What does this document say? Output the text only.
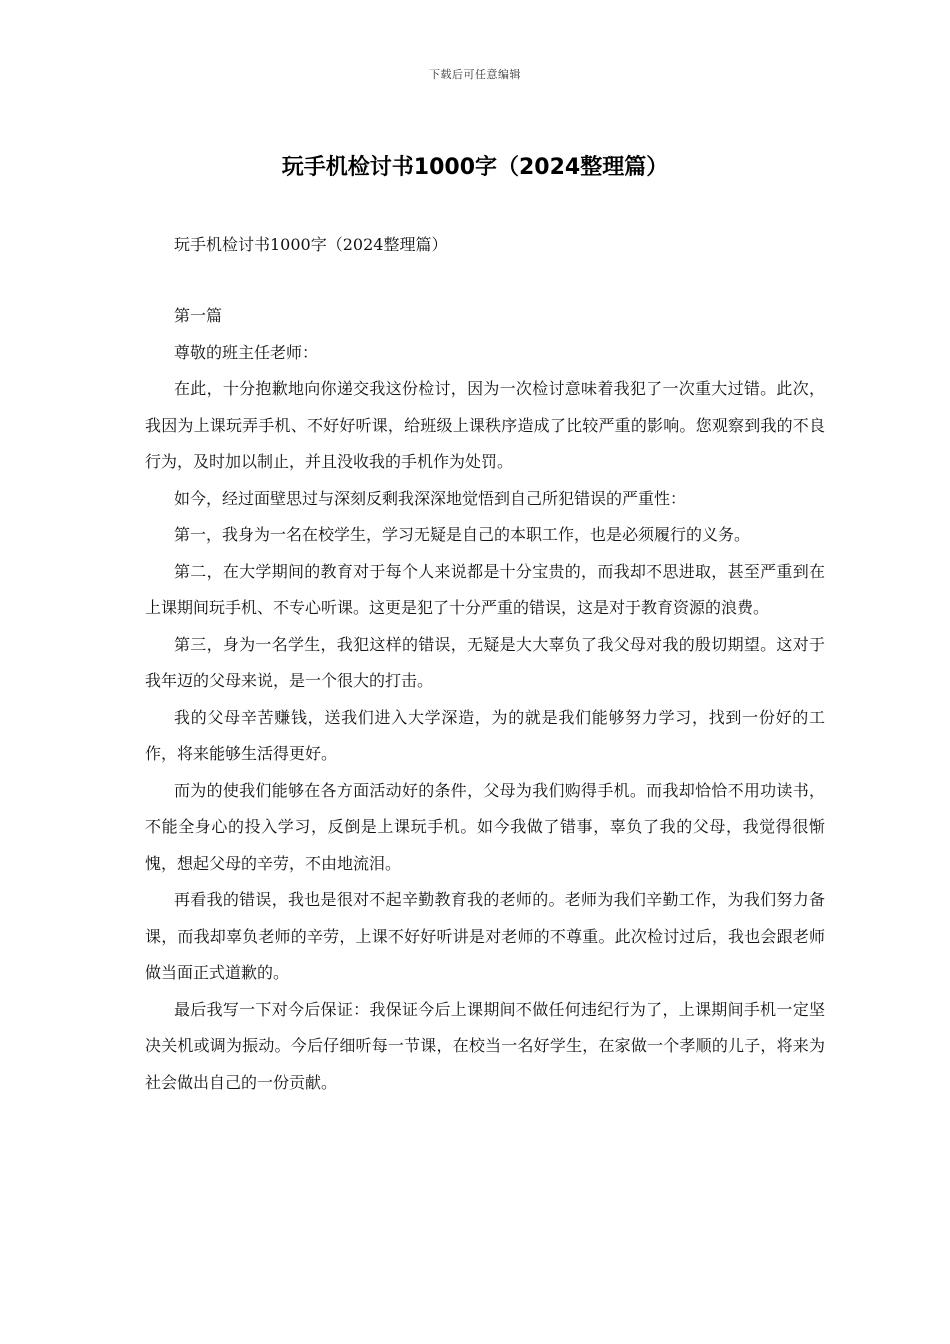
下载后可任意编辑
玩手机检讨书1000字（2024整理篇）

玩手机检讨书1000字（2024整理篇）

第一篇

尊敬的班主任老师：

在此，十分抱歉地向你递交我这份检讨，因为一次检讨意味着我犯了一次重大过错。此次，我因为上课玩弄手机、不好好听课，给班级上课秩序造成了比较严重的影响。您观察到我的不良行为，及时加以制止，并且没收我的手机作为处罚。

如今，经过面壁思过与深刻反剩我深深地觉悟到自己所犯错误的严重性：

第一，我身为一名在校学生，学习无疑是自己的本职工作，也是必须履行的义务。

第二，在大学期间的教育对于每个人来说都是十分宝贵的，而我却不思进取，甚至严重到在上课期间玩手机、不专心听课。这更是犯了十分严重的错误，这是对于教育资源的浪费。

第三，身为一名学生，我犯这样的错误，无疑是大大辜负了我父母对我的殷切期望。这对于我年迈的父母来说，是一个很大的打击。

我的父母辛苦赚钱，送我们进入大学深造，为的就是我们能够努力学习，找到一份好的工作，将来能够生活得更好。

而为的使我们能够在各方面活动好的条件，父母为我们购得手机。而我却恰恰不用功读书，不能全身心的投入学习，反倒是上课玩手机。如今我做了错事，辜负了我的父母，我觉得很惭愧，想起父母的辛劳，不由地流泪。

再看我的错误，我也是很对不起辛勤教育我的老师的。老师为我们辛勤工作，为我们努力备课，而我却辜负老师的辛劳，上课不好好听讲是对老师的不尊重。此次检讨过后，我也会跟老师做当面正式道歉的。

最后我写一下对今后保证：我保证今后上课期间不做任何违纪行为了，上课期间手机一定坚决关机或调为振动。今后仔细听每一节课，在校当一名好学生，在家做一个孝顺的儿子，将来为社会做出自己的一份贡献。
